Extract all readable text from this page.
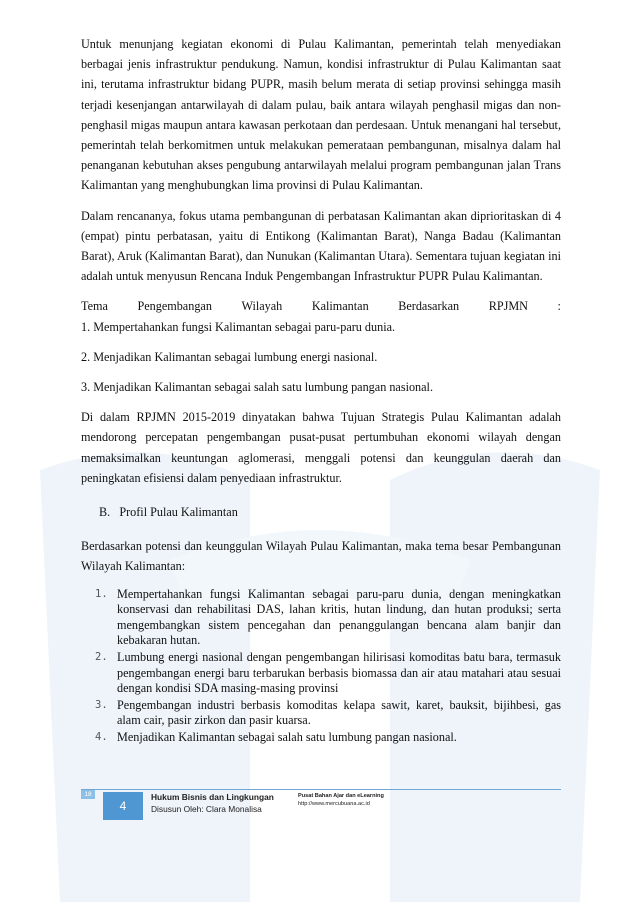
Untuk menunjang kegiatan ekonomi di Pulau Kalimantan, pemerintah telah menyediakan berbagai jenis infrastruktur pendukung. Namun, kondisi infrastruktur di Pulau Kalimantan saat ini, terutama infrastruktur bidang PUPR, masih belum merata di setiap provinsi sehingga masih terjadi kesenjangan antarwilayah di dalam pulau, baik antara wilayah penghasil migas dan non-penghasil migas maupun antara kawasan perkotaan dan perdesaan. Untuk menangani hal tersebut, pemerintah telah berkomitmen untuk melakukan pemerataan pembangunan, misalnya dalam hal penanganan kebutuhan akses pengubung antarwilayah melalui program pembangunan jalan Trans Kalimantan yang menghubungkan lima provinsi di Pulau Kalimantan.

Dalam rencananya, fokus utama pembangunan di perbatasan Kalimantan akan diprioritaskan di 4 (empat) pintu perbatasan, yaitu di Entikong (Kalimantan Barat), Nanga Badau (Kalimantan Barat), Aruk (Kalimantan Barat), dan Nunukan (Kalimantan Utara). Sementara tujuan kegiatan ini adalah untuk menyusun Rencana Induk Pengembangan Infrastruktur PUPR Pulau Kalimantan.

Tema Pengembangan Wilayah Kalimantan Berdasarkan RPJMN :

1. Mempertahankan fungsi Kalimantan sebagai paru-paru dunia.

2. Menjadikan Kalimantan sebagai lumbung energi nasional.

3. Menjadikan Kalimantan sebagai salah satu lumbung pangan nasional.

Di dalam RPJMN 2015-2019 dinyatakan bahwa Tujuan Strategis Pulau Kalimantan adalah mendorong percepatan pengembangan pusat-pusat pertumbuhan ekonomi wilayah dengan memaksimalkan keuntungan aglomerasi, menggali potensi dan keunggulan daerah dan peningkatan efisiensi dalam penyediaan infrastruktur.

B.   Profil Pulau Kalimantan

Berdasarkan potensi dan keunggulan Wilayah Pulau Kalimantan, maka tema besar Pembangunan Wilayah Kalimantan:

1. Mempertahankan fungsi Kalimantan sebagai paru-paru dunia, dengan meningkatkan konservasi dan rehabilitasi DAS, lahan kritis, hutan lindung, dan hutan produksi; serta mengembangkan sistem pencegahan dan penanggulangan bencana alam banjir dan kebakaran hutan.
2. Lumbung energi nasional dengan pengembangan hilirisasi komoditas batu bara, termasuk pengembangan energi baru terbarukan berbasis biomassa dan air atau matahari atau sesuai dengan kondisi SDA masing-masing provinsi
3. Pengembangan industri berbasis komoditas kelapa sawit, karet, bauksit, bijihbesi, gas alam cair, pasir zirkon dan pasir kuarsa.
4. Menjadikan Kalimantan sebagai salah satu lumbung pangan nasional.
18
4
Hukum Bisnis dan Lingkungan
Disusun Oleh: Clara Monalisa
Pusat Bahan Ajar dan eLearning
http://www.mercubuana.ac.id
